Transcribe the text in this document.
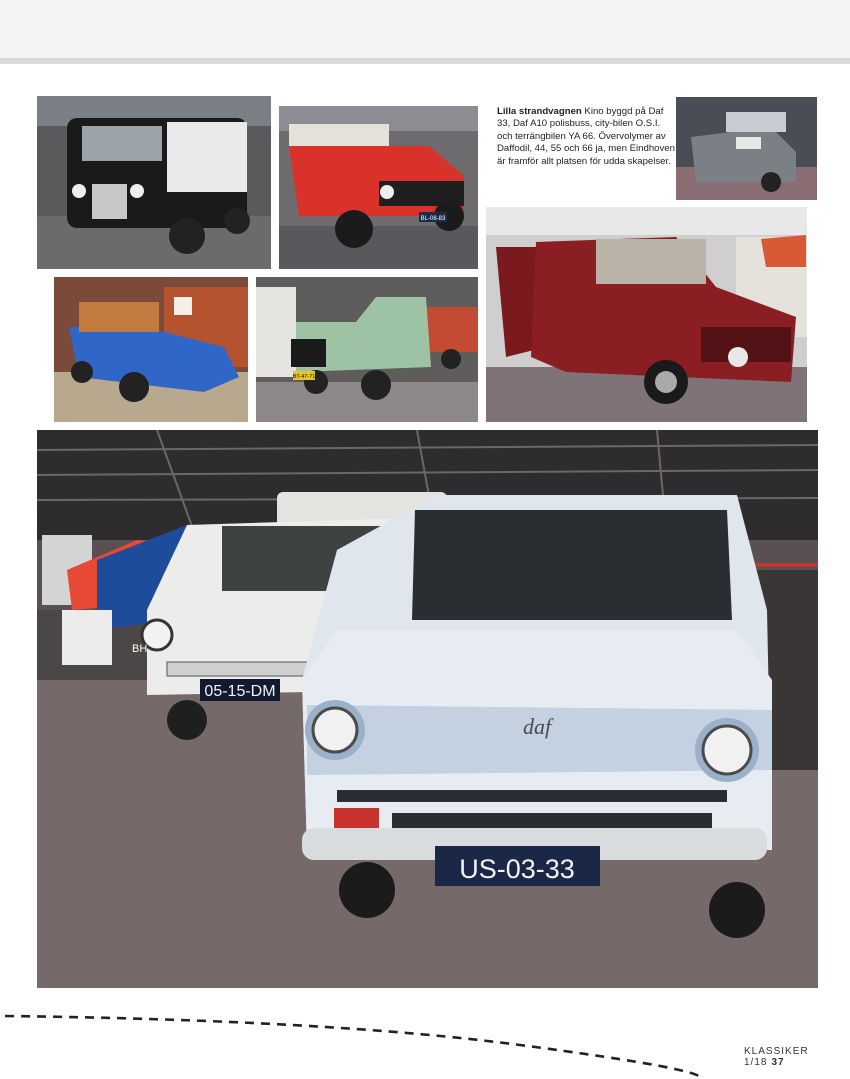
BL-08-83
Lilla strandvagnen Kino byggd på Daf 33, Daf A10 polisbuss, city-bilen O.S.I. och terrängbilen YA 66. Övervolymer av Daffodil, 44, 55 och 66 ja, men Eindhoven är framför allt platsen för udda skapelser.
BT-47-71
05-15-DM
BH
US-03-33
daf
KLASSIKER 1/18 37
